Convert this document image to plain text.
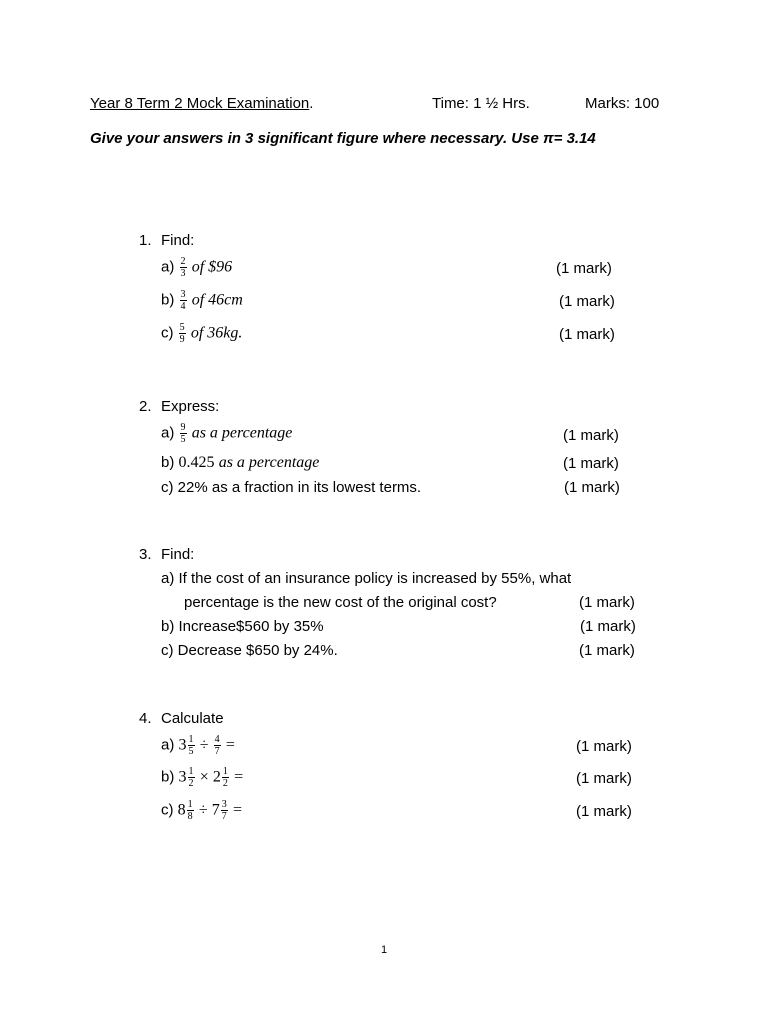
Year 8 Term 2 Mock Examination.	Time: 1 ½ Hrs.	Marks: 100
Give your answers in 3 significant figure where necessary. Use π= 3.14
1. Find:
$a) \frac{2}{3}$ of $96	(1 mark)
$b) \frac{3}{4}$ of 46cm	(1 mark)
$c) \frac{5}{9}$ of 36kg.	(1 mark)
2. Express:
$a) \frac{9}{5}$ as a percentage	(1 mark)
b) 0.425 as a percentage	(1 mark)
c) 22% as a fraction in its lowest terms.	(1 mark)
3. Find:
a) If the cost of an insurance policy is increased by 55%, what
percentage is the new cost of the original cost?	(1 mark)
b) Increase$560 by 35%	(1 mark)
c) Decrease $650 by 24%.	(1 mark)
4. Calculate
a) $3 \frac{1}{5} \div \frac{4}{7}$ =	(1 mark)
b) $3 \frac{1}{2} \times 2 \frac{1}{2}$ =	(1 mark)
c) $8 \frac{1}{8} \div 7 \frac{3}{7}$ =	(1 mark)
1
